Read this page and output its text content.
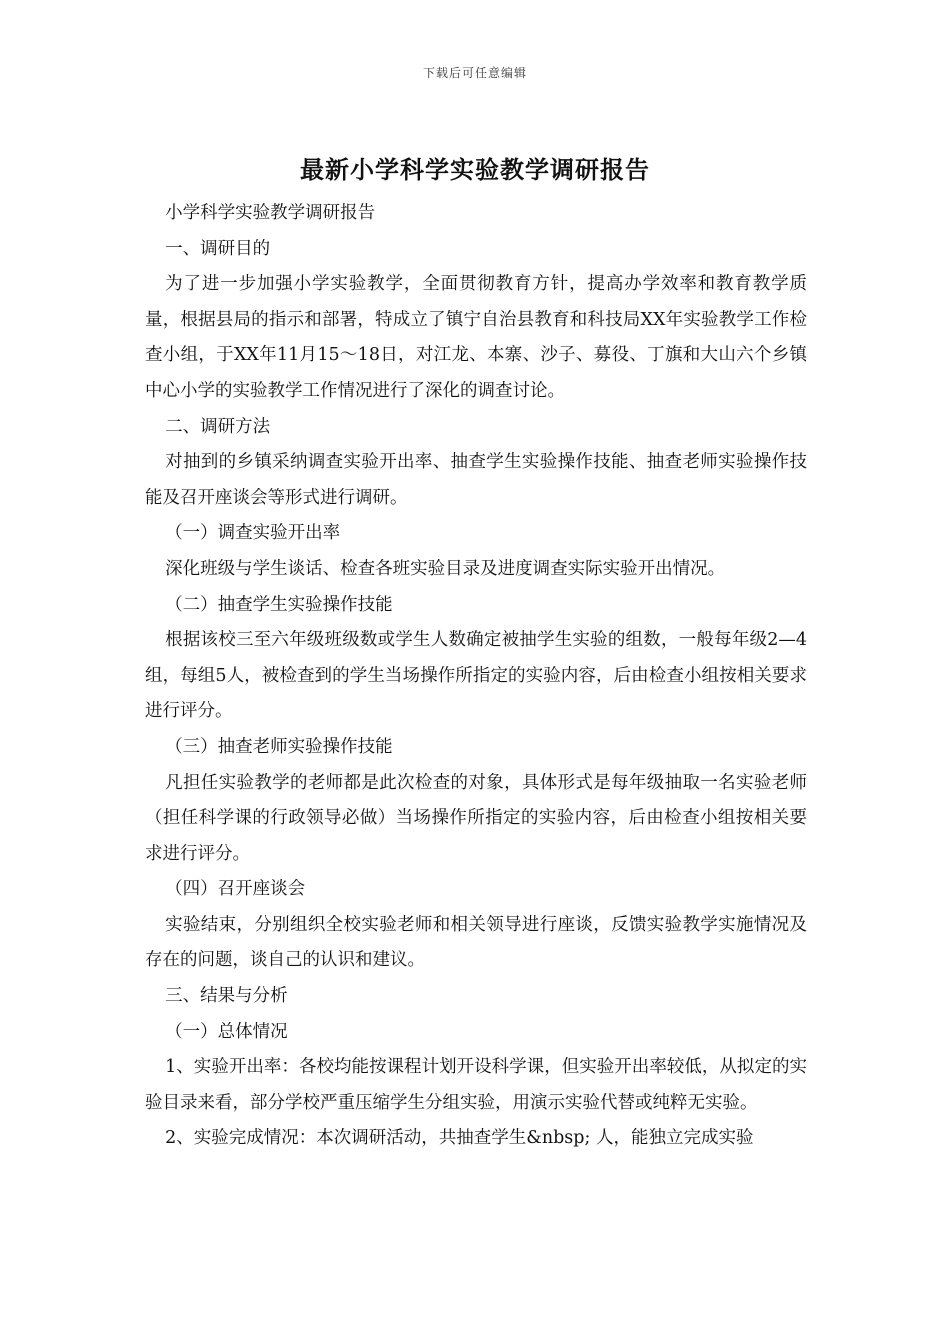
下载后可任意编辑
最新小学科学实验教学调研报告

小学科学实验教学调研报告

一、调研目的

为了进一步加强小学实验教学，全面贯彻教育方针，提高办学效率和教育教学质量，根据县局的指示和部署，特成立了镇宁自治县教育和科技局XX年实验教学工作检查小组，于XX年11月15～18日，对江龙、本寨、沙子、募役、丁旗和大山六个乡镇中心小学的实验教学工作情况进行了深化的调查讨论。

二、调研方法

对抽到的乡镇采纳调查实验开出率、抽查学生实验操作技能、抽查老师实验操作技能及召开座谈会等形式进行调研。

（一）调查实验开出率

深化班级与学生谈话、检查各班实验目录及进度调查实际实验开出情况。

（二）抽查学生实验操作技能

根据该校三至六年级班级数或学生人数确定被抽学生实验的组数，一般每年级2—4组，每组5人，被检查到的学生当场操作所指定的实验内容，后由检查小组按相关要求进行评分。

（三）抽查老师实验操作技能

凡担任实验教学的老师都是此次检查的对象，具体形式是每年级抽取一名实验老师（担任科学课的行政领导必做）当场操作所指定的实验内容，后由检查小组按相关要求进行评分。

（四）召开座谈会

实验结束，分别组织全校实验老师和相关领导进行座谈，反馈实验教学实施情况及存在的问题，谈自己的认识和建议。

三、结果与分析

（一）总体情况

1、实验开出率：各校均能按课程计划开设科学课，但实验开出率较低，从拟定的实验目录来看，部分学校严重压缩学生分组实验，用演示实验代替或纯粹无实验。

2、实验完成情况：本次调研活动，共抽查学生&nbsp; 人，能独立完成实验
